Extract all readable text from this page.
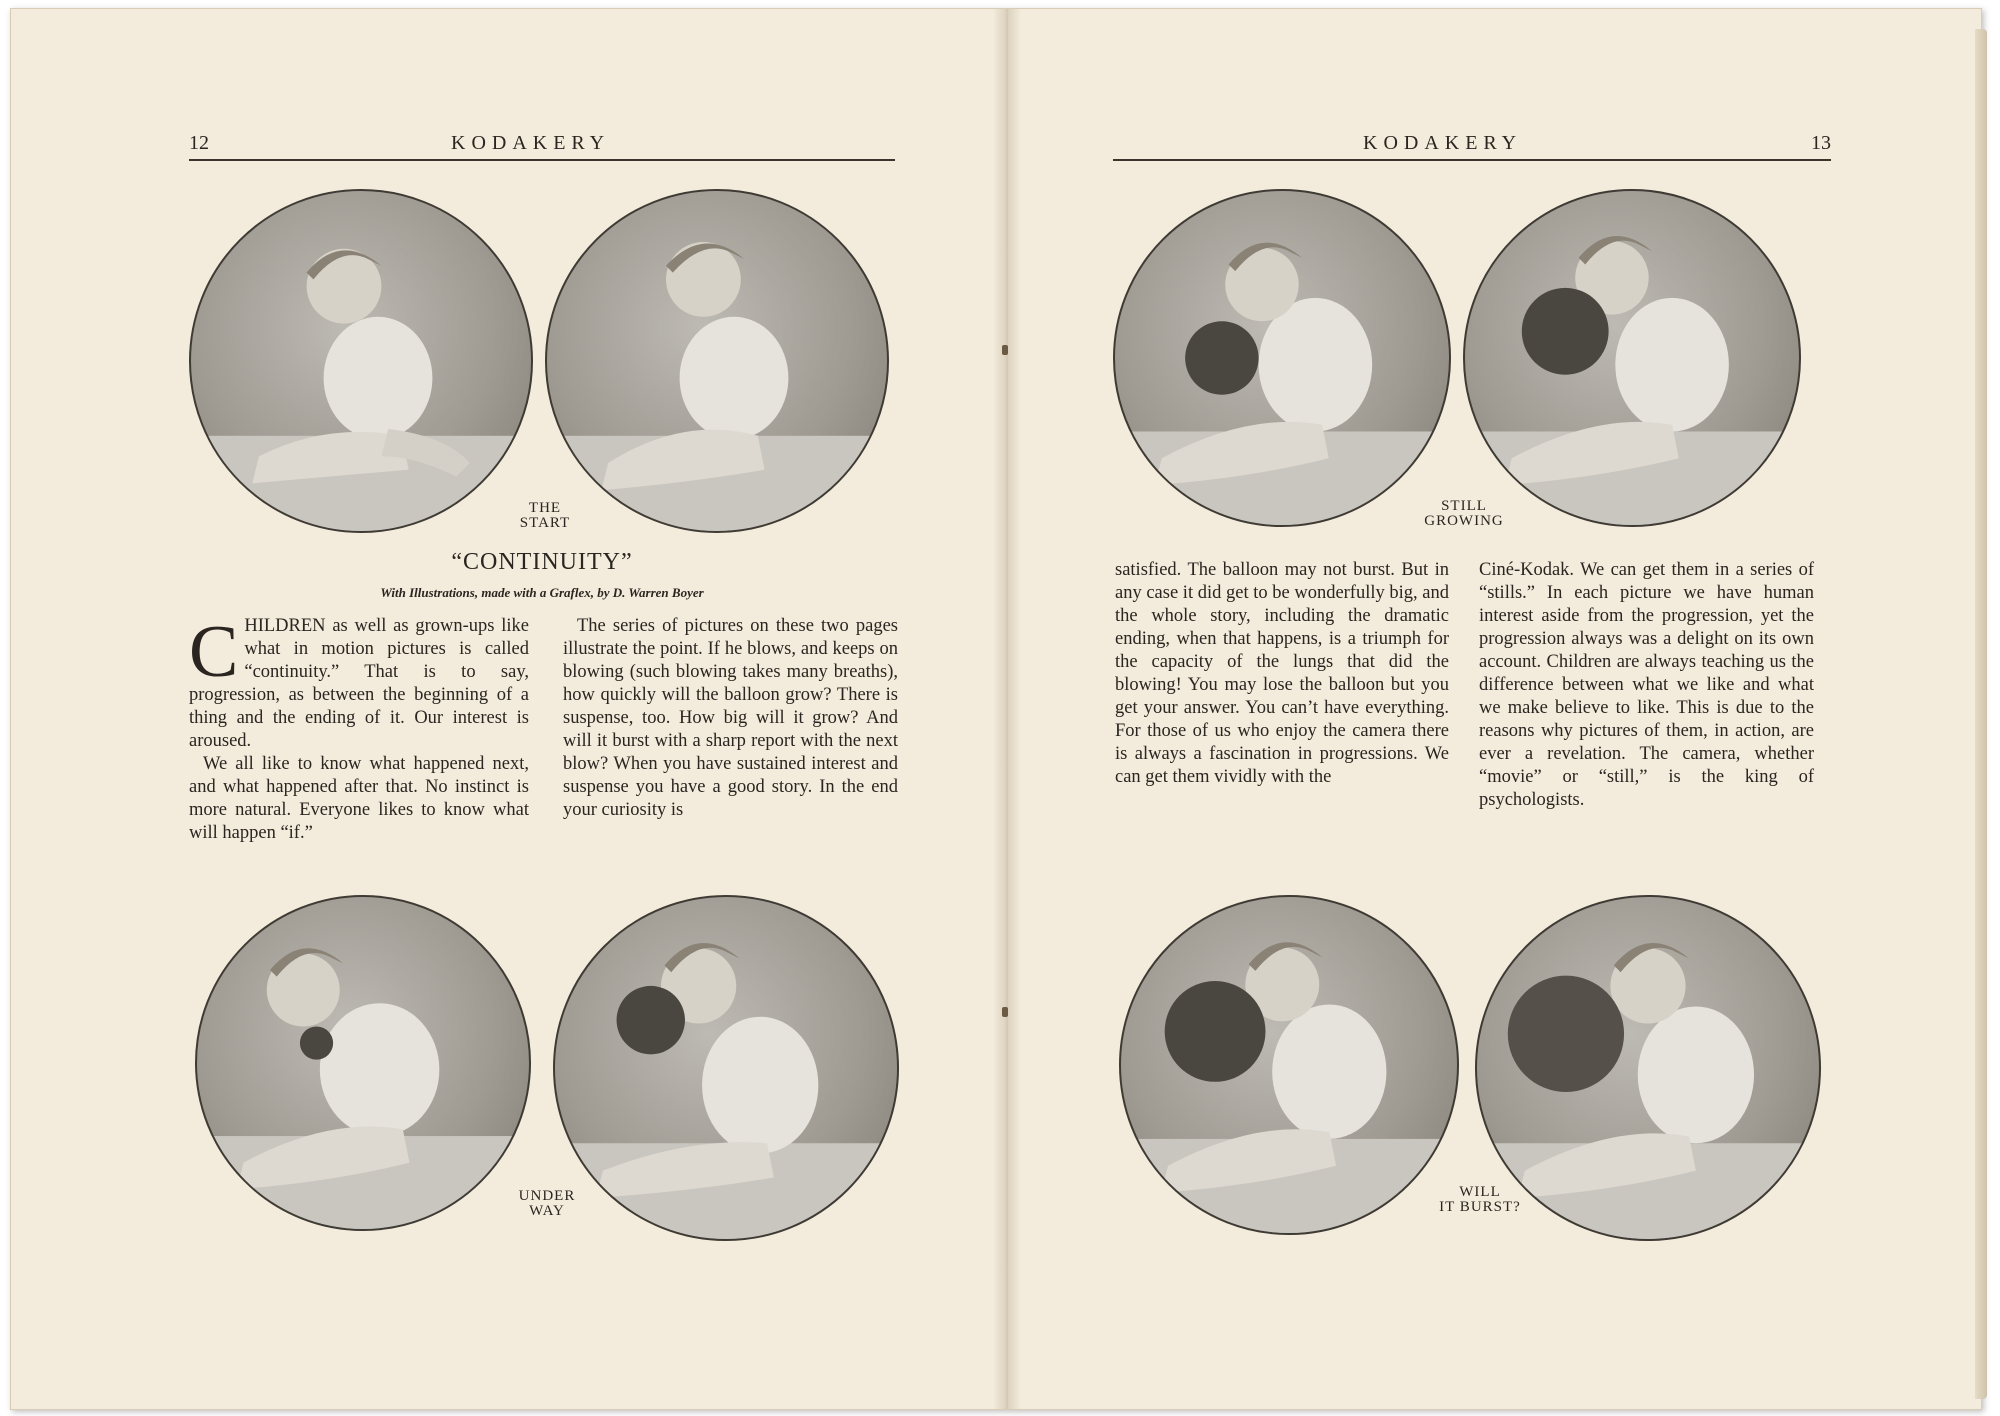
12	KODAKERY
THE
START
“CONTINUITY”
With Illustrations, made with a Graflex, by D. Warren Boyer

CHILDREN as well as grown-ups like what in motion pictures is called “continuity.” That is to say, progression, as between the beginning of a thing and the ending of it. Our interest is aroused.

We all like to know what happened next, and what happened after that. No instinct is more natural. Everyone likes to know what will happen “if.”

The series of pictures on these two pages illustrate the point. If he blows, and keeps on blowing (such blowing takes many breaths), how quickly will the balloon grow? There is suspense, too. How big will it grow? And will it burst with a sharp report with the next blow? When you have sustained interest and suspense you have a good story. In the end your curiosity is

UNDER
WAY
KODAKERY	13
STILL
GROWING

satisfied. The balloon may not burst. But in any case it did get to be wonderfully big, and the whole story, including the dramatic ending, when that happens, is a triumph for the capacity of the lungs that did the blowing! You may lose the balloon but you get your answer. You can’t have everything. For those of us who enjoy the camera there is always a fascination in progressions. We can get them vividly with the

Ciné-Kodak. We can get them in a series of “stills.” In each picture we have human interest aside from the progression, yet the progression always was a delight on its own account. Children are always teaching us the difference between what we like and what we make believe to like. This is due to the reasons why pictures of them, in action, are ever a revelation. The camera, whether “movie” or “still,” is the king of psychologists.

WILL
IT BURST?
